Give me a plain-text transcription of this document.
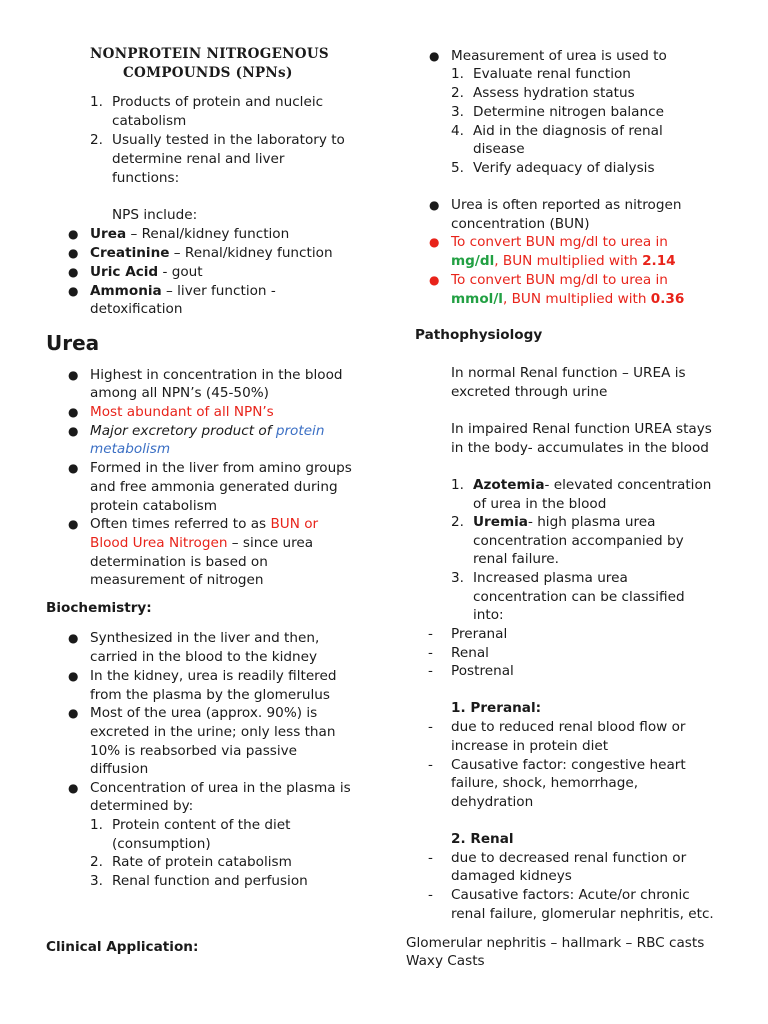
NONPROTEIN NITROGENOUS
COMPOUNDS (NPNs)
1. Products of protein and nucleic
catabolism
2. Usually tested in the laboratory to
determine renal and liver
functions:
NPS include:
● Urea – Renal/kidney function
● Creatinine – Renal/kidney function
● Uric Acid - gout
● Ammonia – liver function -
detoxification
Urea
● Highest in concentration in the blood
among all NPN’s (45-50%)
● Most abundant of all NPN’s
● Major excretory product of protein
metabolism
● Formed in the liver from amino groups
and free ammonia generated during
protein catabolism
● Often times referred to as BUN or
Blood Urea Nitrogen – since urea
determination is based on
measurement of nitrogen
Biochemistry:
● Synthesized in the liver and then,
carried in the blood to the kidney
● In the kidney, urea is readily filtered
from the plasma by the glomerulus
● Most of the urea (approx. 90%) is
excreted in the urine; only less than
10% is reabsorbed via passive
diffusion
● Concentration of urea in the plasma is
determined by:
1. Protein content of the diet
(consumption)
2. Rate of protein catabolism
3. Renal function and perfusion
Clinical Application:
● Measurement of urea is used to
1. Evaluate renal function
2. Assess hydration status
3. Determine nitrogen balance
4. Aid in the diagnosis of renal
disease
5. Verify adequacy of dialysis
● Urea is often reported as nitrogen
concentration (BUN)
● To convert BUN mg/dl to urea in
mg/dl, BUN multiplied with 2.14
● To convert BUN mg/dl to urea in
mmol/l, BUN multiplied with 0.36
Pathophysiology
In normal Renal function – UREA is
excreted through urine
In impaired Renal function UREA stays
in the body- accumulates in the blood
1. Azotemia- elevated concentration
of urea in the blood
2. Uremia- high plasma urea
concentration accompanied by
renal failure.
3. Increased plasma urea
concentration can be classified
into:
- Preranal
- Renal
- Postrenal
1. Preranal:
- due to reduced renal blood flow or
increase in protein diet
- Causative factor: congestive heart
failure, shock, hemorrhage,
dehydration
2. Renal
- due to decreased renal function or
damaged kidneys
- Causative factors: Acute/or chronic
renal failure, glomerular nephritis, etc.
Glomerular nephritis – hallmark – RBC casts
Waxy Casts
